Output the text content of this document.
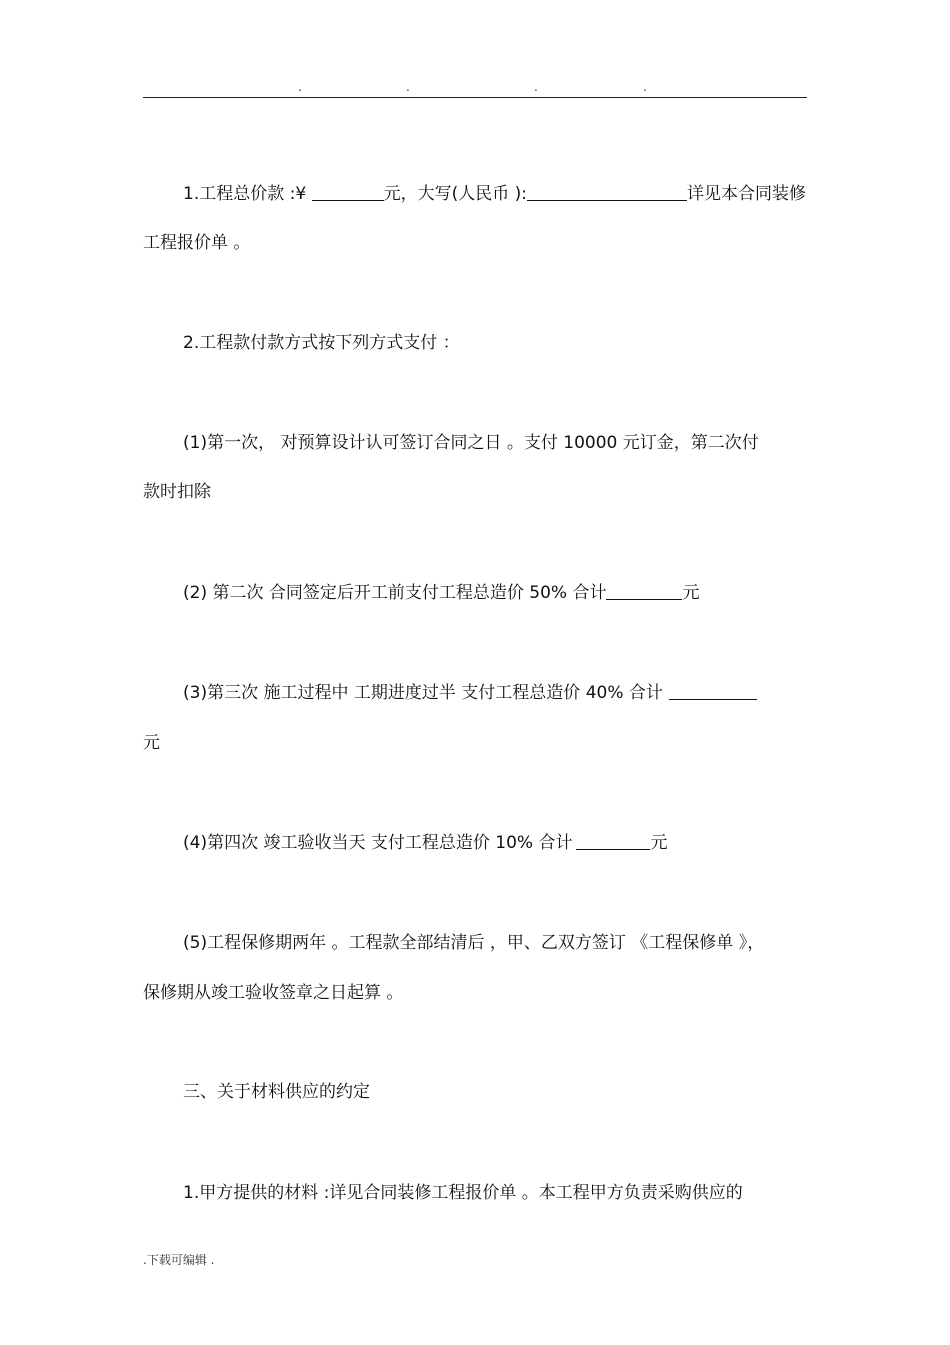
.	.	.	.
1.工程总价款 :¥	元，大写(人民币 ):	详见本合同装修
工程报价单 。
2.工程款付款方式按下列方式支付 ：
(1)第一次， 对预算设计认可签订合同之日 。支付 10000 元订金，第二次付
款时扣除
(2) 第二次 合同签定后开工前支付工程总造价 50% 合计	元
(3)第三次 施工过程中 工期进度过半 支付工程总造价 40% 合计
元
(4)第四次 竣工验收当天 支付工程总造价 10% 合计	元
(5)工程保修期两年 。工程款全部结清后 ，甲、乙双方签订 《工程保修单 》，
保修期从竣工验收签章之日起算 。
三、关于材料供应的约定
1.甲方提供的材料 :详见合同装修工程报价单 。本工程甲方负责采购供应的
.下载可编辑 .
